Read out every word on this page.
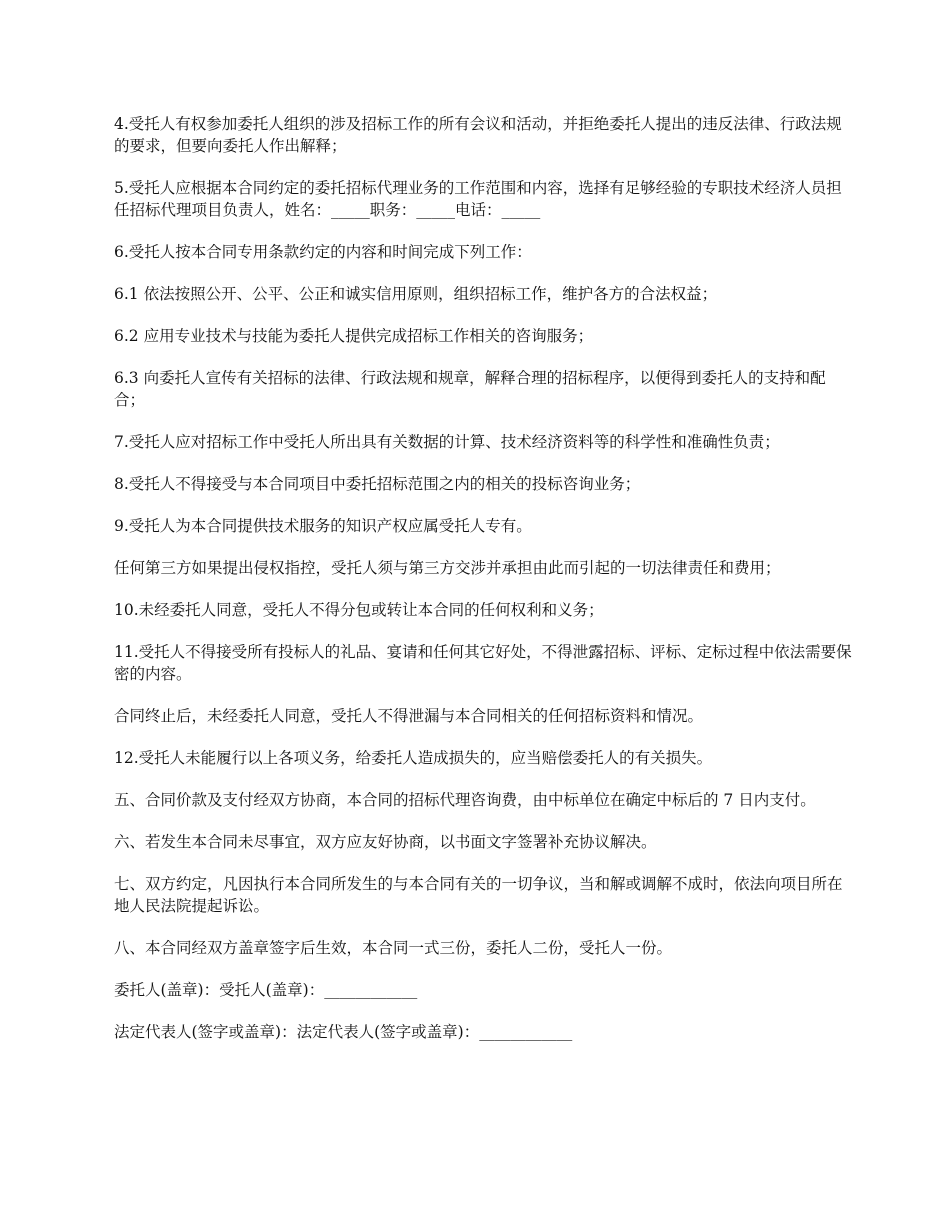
4.受托人有权参加委托人组织的涉及招标工作的所有会议和活动，并拒绝委托人提出的违反法律、行政法规的要求，但要向委托人作出解释；

5.受托人应根据本合同约定的委托招标代理业务的工作范围和内容，选择有足够经验的专职技术经济人员担任招标代理项目负责人，姓名：_____职务：_____电话：_____

6.受托人按本合同专用条款约定的内容和时间完成下列工作：

6.1 依法按照公开、公平、公正和诚实信用原则，组织招标工作，维护各方的合法权益；

6.2 应用专业技术与技能为委托人提供完成招标工作相关的咨询服务；

6.3 向委托人宣传有关招标的法律、行政法规和规章，解释合理的招标程序，以便得到委托人的支持和配合；

7.受托人应对招标工作中受托人所出具有关数据的计算、技术经济资料等的科学性和准确性负责；

8.受托人不得接受与本合同项目中委托招标范围之内的相关的投标咨询业务；

9.受托人为本合同提供技术服务的知识产权应属受托人专有。

任何第三方如果提出侵权指控，受托人须与第三方交涉并承担由此而引起的一切法律责任和费用；

10.未经委托人同意，受托人不得分包或转让本合同的任何权利和义务；

11.受托人不得接受所有投标人的礼品、宴请和任何其它好处，不得泄露招标、评标、定标过程中依法需要保密的内容。

合同终止后，未经委托人同意，受托人不得泄漏与本合同相关的任何招标资料和情况。

12.受托人未能履行以上各项义务，给委托人造成损失的，应当赔偿委托人的有关损失。

五、合同价款及支付经双方协商，本合同的招标代理咨询费，由中标单位在确定中标后的 7 日内支付。

六、若发生本合同未尽事宜，双方应友好协商，以书面文字签署补充协议解决。

七、双方约定，凡因执行本合同所发生的与本合同有关的一切争议，当和解或调解不成时，依法向项目所在地人民法院提起诉讼。

八、本合同经双方盖章签字后生效，本合同一式三份，委托人二份，受托人一份。

委托人(盖章)：受托人(盖章)：____________

法定代表人(签字或盖章)：法定代表人(签字或盖章)：____________
